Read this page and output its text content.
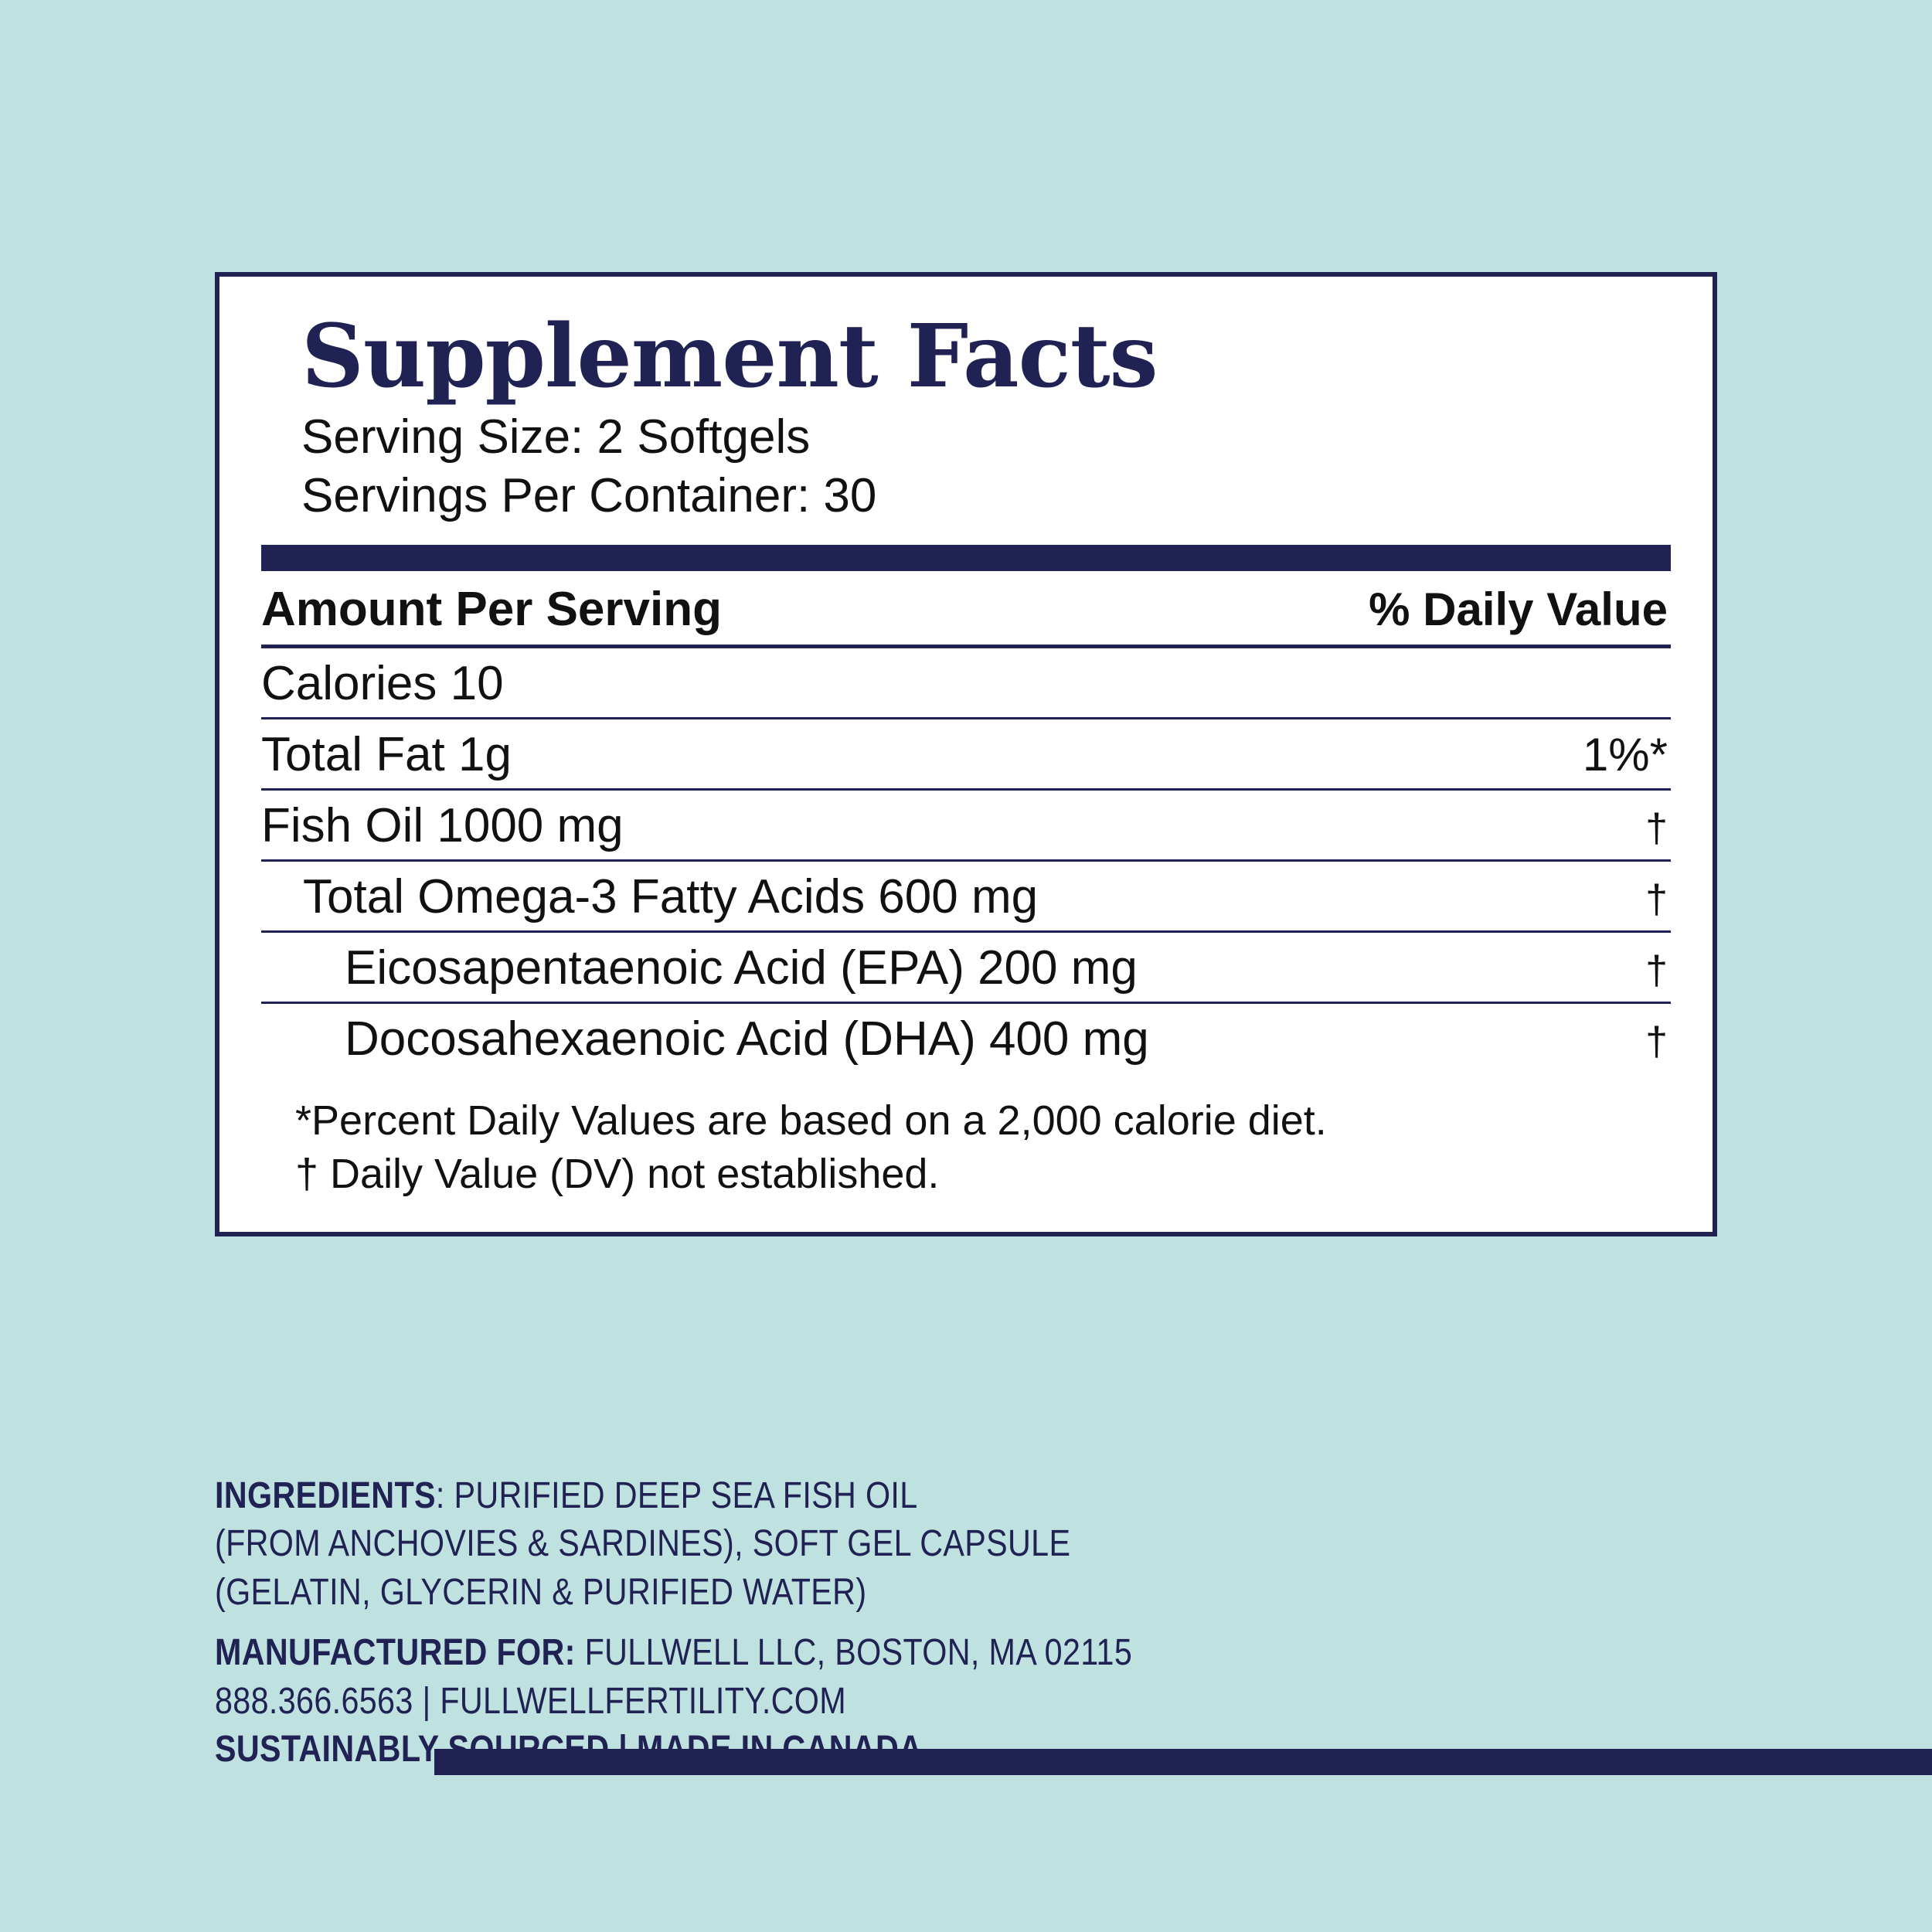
Supplement Facts
Serving Size: 2 Softgels
Servings Per Container: 30
Amount Per Serving	% Daily Value
Calories 10
Total Fat 1g	1%*
Fish Oil 1000 mg	†
Total Omega-3 Fatty Acids 600 mg	†
Eicosapentaenoic Acid (EPA) 200 mg	†
Docosahexaenoic Acid (DHA) 400 mg	†
*Percent Daily Values are based on a 2,000 calorie diet.
† Daily Value (DV) not established.
INGREDIENTS: PURIFIED DEEP SEA FISH OIL
(FROM ANCHOVIES & SARDINES), SOFT GEL CAPSULE
(GELATIN, GLYCERIN & PURIFIED WATER)
MANUFACTURED FOR: FULLWELL LLC, BOSTON, MA 02115
888.366.6563 | FULLWELLFERTILITY.COM
SUSTAINABLY SOURCED | MADE IN CANADA
